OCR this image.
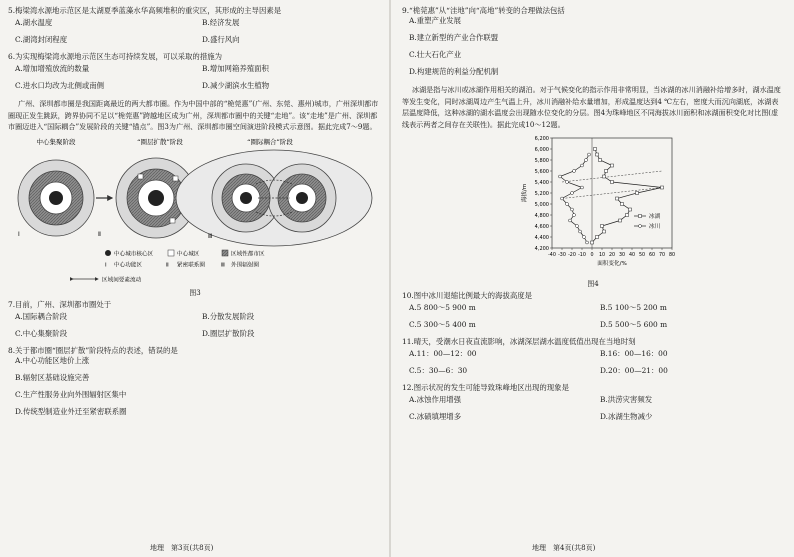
5.梅梁湾水源地示范区是太湖夏季蓝藻水华高频堆积的重灾区，其形成的主导因素是

A.湖水温度	B.经济发展
C.湖湾封闭程度	D.盛行风向

6.为实现梅梁湾水源地示范区生态可持续发展，可以采取的措施为

A.增加增殖放流的数量	B.增加网箱养殖面积
C.进水口均改为北侧或南侧	D.减少湖滨水生植物

广州、深圳都市圈是我国距离最近的两大都市圈。作为中国中部的“桅莞惠”(广州、东莞、惠州)城市，广州深圳都市圈现正发生跳跃，跨界协同不足以“桅莞惠”跨越地区成为广州，深圳都市圈中的关键“走地”。该“走地”是广州、深圳都市圈迈进入“国际耦合”发展阶段的关键“锚点”。图3为广州、深圳都市圈空间演进阶段模式示意图。据此完成7～9题。

中心集聚阶段	“圈层扩散”阶段	“圈际耦合”阶段
Ⅰ	Ⅱ	Ⅲ
中心城市核心区	中心城区	区域性都市区
Ⅰ 中心功能区	Ⅱ 紧密联系圈	Ⅲ 外围辐射圈
区域间要素流动
图3

7.目前，广州、深圳都市圈处于

A.国际耦合阶段	B.分散发展阶段
C.中心集聚阶段	D.圈层扩散阶段

8.关于都市圈“圈层扩散”阶段特点的表述，错误的是

A.中心功能区地价上涨
B.辐射区基础设施完善
C.生产性服务业向外围辐射区集中
D.传统型制造业外迁至紧密联系圈
地理　第3页(共8页)

9.“桅莞惠”从“洼地”向“高地”转变的合理做法包括

A.重塑产业发展
B.建立新型的产业合作联盟
C.壮大石化产业
D.构建规范的利益分配机制

冰湖是指与冰川或冰湖作用相关的湖泊。对于气候变化的指示作用非常明显，当冰湖的冰川消融补给增多时，湖水温度等发生变化，同时冰湖周边产生气温上升，冰川消融补给水量增加，形成温度达到4 ℃左右，密度大而沉向湖底，冰湖表层温度降低，这种冰湖的湖水温度会出现随水位变化的分层。图4为珠峰地区不同海拔冰川面积和冰湖面积变化对比图(虚线表示两者之间存在关联性)。据此完成10～12题。

4,200
4,400
4,600
4,800
5,000
5,200
5,400
5,600
5,800
6,000
6,200
-40 -30 -20 -10 0 10 20 30 40 50 60 70 80
面积变化/%
海拔/m
冰湖
冰川
图4

10.图中冰川退缩比例最大的海拔高度是

A.5 800～5 900 m	B.5 100～5 200 m
C.5 300～5 400 m	D.5 500～5 600 m

11.晴天，受潮水日夜直流影响，冰湖深层湖水温度低值出现在当地时刻

A.11：00—12：00	B.16：00—16：00
C.5：30—6：30	D.20：00—21：00

12.图示状况的发生可能导致珠峰地区出现的现象是

A.冰蚀作用增强	B.洪涝灾害频发
C.冰碛填埋增多	D.冰湖生物减少
地理　第4页(共8页)
